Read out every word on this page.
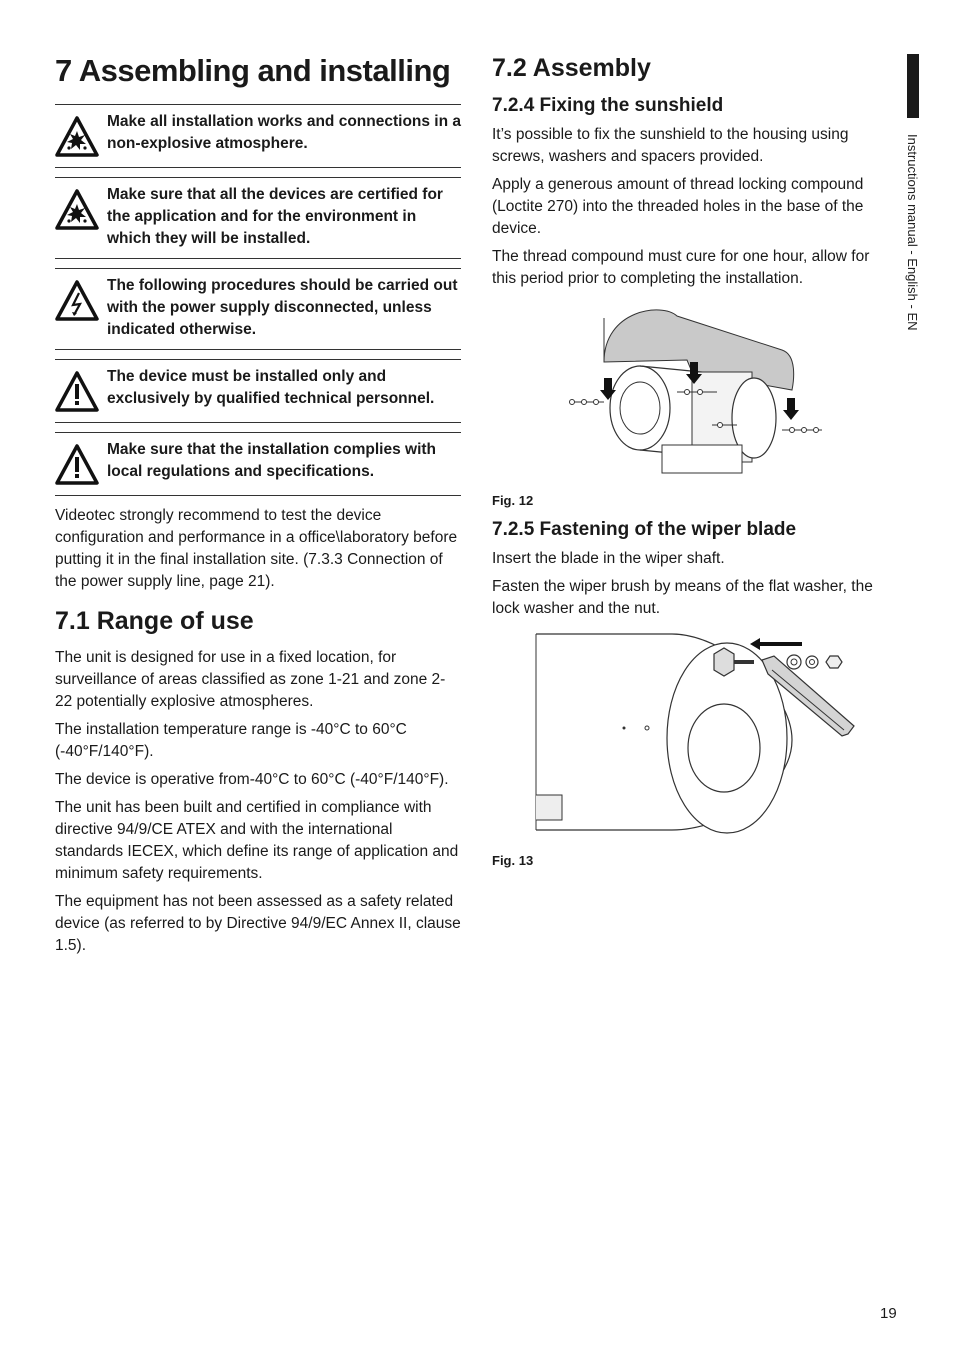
Instructions manual - English - EN
7 Assembling and installing
Make all installation works and connections in a non-explosive atmosphere.
Make sure that all the devices are certified for the application and for the environment in which they will be installed.
The following procedures should be carried out with the power supply disconnected, unless indicated otherwise.
The device must be installed only and exclusively by qualified technical personnel.
Make sure that the installation complies with local regulations and specifications.

Videotec strongly recommend to test the device configuration and performance in a office\laboratory before putting it in the final installation site. (7.3.3 Connection of the power supply line, page 21).

7.1 Range of use

The unit is designed for use in a fixed location, for surveillance of areas classified as zone 1-21 and zone 2-22 potentially explosive atmospheres.

The installation temperature range is -40°C to 60°C (-40°F/140°F).

The device is operative from-40°C to 60°C (-40°F/140°F).

The unit has been built and certified in compliance with directive 94/9/CE ATEX and with the international standards IECEX, which define its range of application and minimum safety requirements.

The equipment has not been assessed as a safety related device (as referred to by Directive 94/9/EC Annex II, clause 1.5).

7.2 Assembly
7.2.4 Fixing the sunshield

It’s possible to fix the sunshield to the housing using screws, washers and spacers provided.

Apply a generous amount of thread locking compound (Loctite 270) into the threaded holes in the base of the device.

The thread compound must cure for one hour, allow for this period prior to completing the installation.

Fig. 12
7.2.5 Fastening of the wiper blade

Insert the blade in the wiper shaft.

Fasten the wiper brush by means of the flat washer, the lock washer and the nut.

Fig. 13
19
